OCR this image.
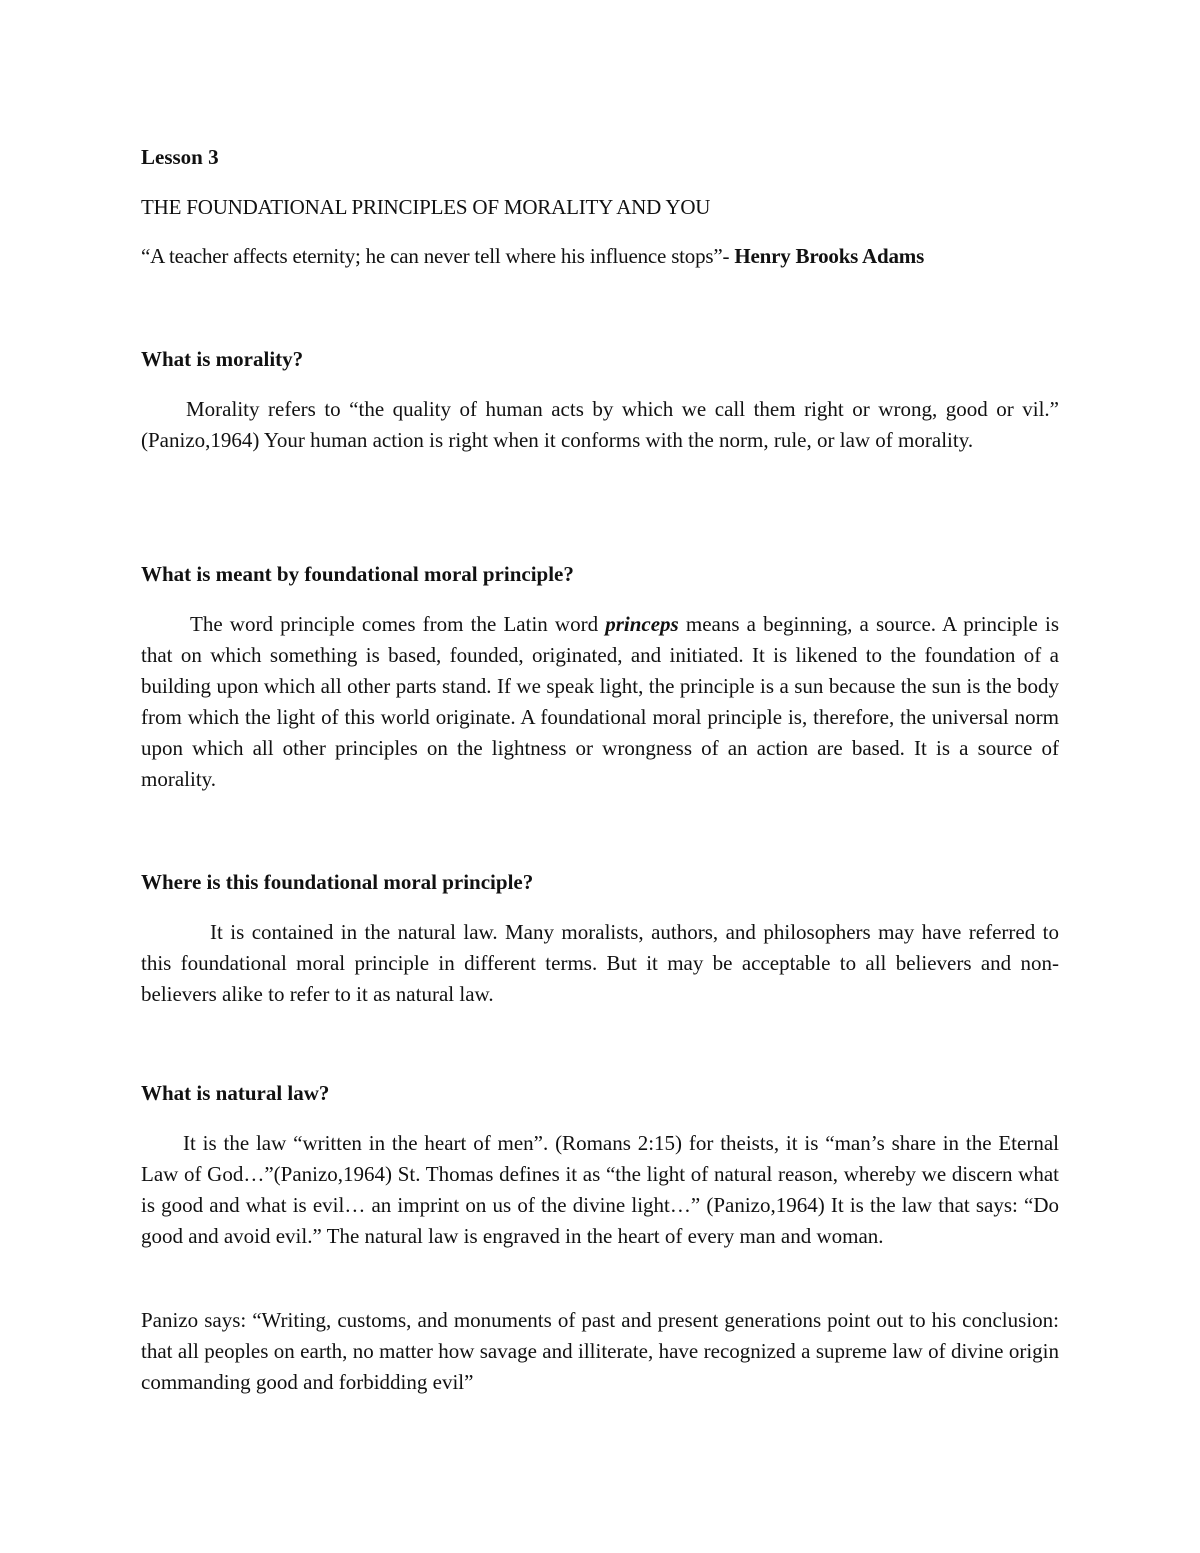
Lesson 3

THE FOUNDATIONAL PRINCIPLES OF MORALITY AND YOU

“A teacher affects eternity; he can never tell where his influence stops”- Henry Brooks Adams

What is morality?

Morality refers to “the quality of human acts by which we call them right or wrong, good or vil.” (Panizo,1964) Your human action is right when it conforms with the norm, rule, or law of morality.

What is meant by foundational moral principle?

The word principle comes from the Latin word princeps means a beginning, a source. A principle is that on which something is based, founded, originated, and initiated. It is likened to the foundation of a building upon which all other parts stand. If we speak light, the principle is a sun because the sun is the body from which the light of this world originate. A foundational moral principle is, therefore, the universal norm upon which all other principles on the lightness or wrongness of an action are based. It is a source of morality.

Where is this foundational moral principle?

It is contained in the natural law. Many moralists, authors, and philosophers may have referred to this foundational moral principle in different terms. But it may be acceptable to all believers and non-believers alike to refer to it as natural law.

What is natural law?

It is the law “written in the heart of men”. (Romans 2:15) for theists, it is “man’s share in the Eternal Law of God…”(Panizo,1964) St. Thomas defines it as “the light of natural reason, whereby we discern what is good and what is evil… an imprint on us of the divine light…” (Panizo,1964) It is the law that says: “Do good and avoid evil.” The natural law is engraved in the heart of every man and woman.

Panizo says: “Writing, customs, and monuments of past and present generations point out to his conclusion: that all peoples on earth, no matter how savage and illiterate, have recognized a supreme law of divine origin commanding good and forbidding evil”
